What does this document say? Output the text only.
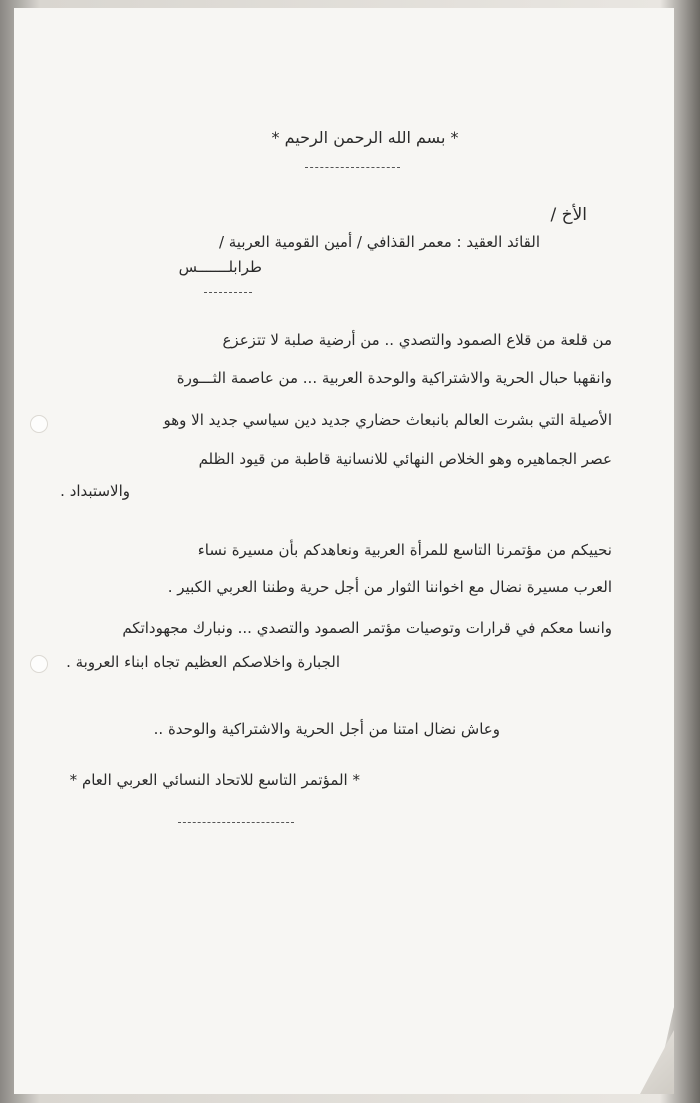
* بسم الله الرحمن الرحيم *
الأخ /
القائد العقيد : معمر القذافي / أمين القومية العربية /
طرابلـــــــس
من قلعة من قلاع الصمود والتصدي .. من أرضية صلبة لا تتزعزع
وانقهبا حبال الحرية والاشتراكية والوحدة العربية ... من عاصمة الثـــورة
الأصيلة التي بشرت العالم بانبعاث حضاري جديد دين سياسي جديد الا وهو
عصر الجماهيره وهو الخلاص النهائي للانسانية قاطبة من قيود الظلم
والاستبداد .
نحييكم من مؤتمرنا التاسع للمرأة العربية ونعاهدكم بأن مسيرة نساء
العرب مسيرة نضال مع اخواننا الثوار من أجل حرية وطننا العربي الكبير .
وانسا معكم في قرارات وتوصيات مؤتمر الصمود والتصدي ... ونبارك مجهوداتكم
الجبارة واخلاصكم العظيم تجاه ابناء العروبة .
وعاش نضال امتنا من أجل الحرية والاشتراكية والوحدة ..
* المؤتمر التاسع للاتحاد النسائي العربي العام *
